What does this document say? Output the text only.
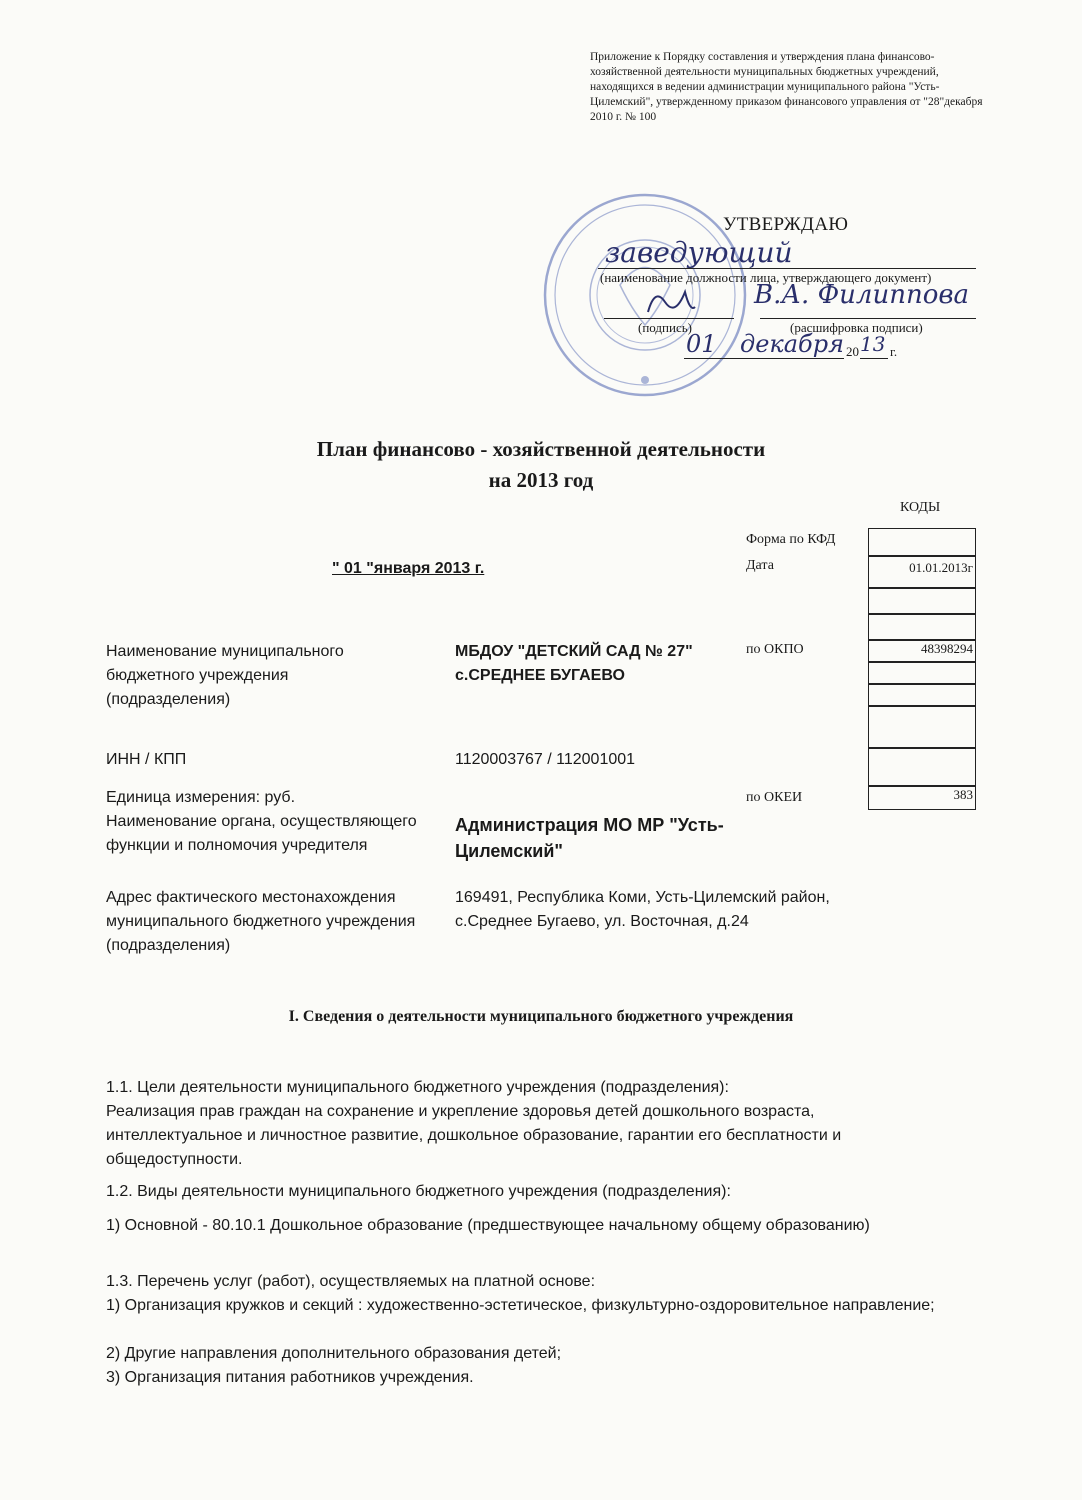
Приложение к Порядку составления и утверждения плана финансово-хозяйственной деятельности муниципальных бюджетных учреждений, находящихся в ведении администрации муниципального района "Усть-Цилемский", утвержденному приказом финансового управления от "28"декабря 2010 г. № 100
УТВЕРЖДАЮ
заведующий
(наименование должности лица, утверждающего документ)
В.А. Филиппова
(подпись)	(расшифровка подписи)
01 декабря 20 13 г.
План финансово - хозяйственной деятельности
на 2013 год
КОДЫ
Форма по КФД
Дата
по ОКПО
по ОКЕИ
01.01.2013г
48398294
383
" 01 "января 2013 г.
Наименование муниципального бюджетного учреждения (подразделения)
МБДОУ "ДЕТСКИЙ САД № 27" с.СРЕДНЕЕ БУГАЕВО
ИНН / КПП	1120003767 / 112001001
Единица измерения: руб.
Наименование органа, осуществляющего функции и полномочия учредителя
Администрация МО МР "Усть-Цилемский"
Адрес фактического местонахождения муниципального бюджетного учреждения (подразделения)
169491, Республика Коми, Усть-Цилемский район, с.Среднее Бугаево, ул. Восточная, д.24
I. Сведения о деятельности муниципального бюджетного учреждения
1.1. Цели деятельности муниципального бюджетного учреждения (подразделения):
Реализация прав граждан на сохранение и укрепление здоровья детей дошкольного возраста, интеллектуальное и личностное развитие, дошкольное образование, гарантии его бесплатности и общедоступности.
1.2. Виды деятельности муниципального бюджетного учреждения (подразделения):
1) Основной - 80.10.1 Дошкольное образование (предшествующее начальному общему образованию)
1.3. Перечень услуг (работ), осуществляемых на платной основе:
1) Организация кружков и секций : художественно-эстетическое, физкультурно-оздоровительное направление;
2) Другие направления дополнительного образования детей;
3) Организация питания работников учреждения.
